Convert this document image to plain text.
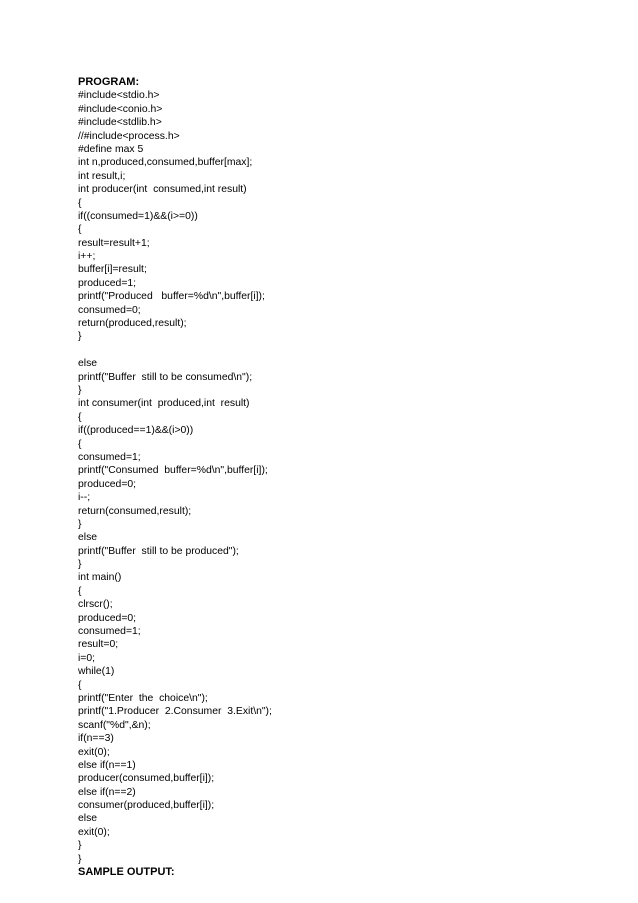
PROGRAM:
#include<stdio.h>
#include<conio.h>
#include<stdlib.h>
//#include<process.h>
#define max 5
int n,produced,consumed,buffer[max];
int result,i;
int producer(int  consumed,int result)
{
if((consumed=1)&&(i>=0))
{
result=result+1;
i++;
buffer[i]=result;
produced=1;
printf("Produced   buffer=%d\n",buffer[i]);
consumed=0;
return(produced,result);
}
else
printf("Buffer  still to be consumed\n");
}
int consumer(int  produced,int  result)
{
if((produced==1)&&(i>0))
{
consumed=1;
printf("Consumed  buffer=%d\n",buffer[i]);
produced=0;
i--;
return(consumed,result);
}
else
printf("Buffer  still to be produced");
}
int main()
{
clrscr();
produced=0;
consumed=1;
result=0;
i=0;
while(1)
{
printf("Enter  the  choice\n");
printf("1.Producer  2.Consumer  3.Exit\n");
scanf("%d",&n);
if(n==3)
exit(0);
else if(n==1)
producer(consumed,buffer[i]);
else if(n==2)
consumer(produced,buffer[i]);
else
exit(0);
}
}
SAMPLE OUTPUT:
